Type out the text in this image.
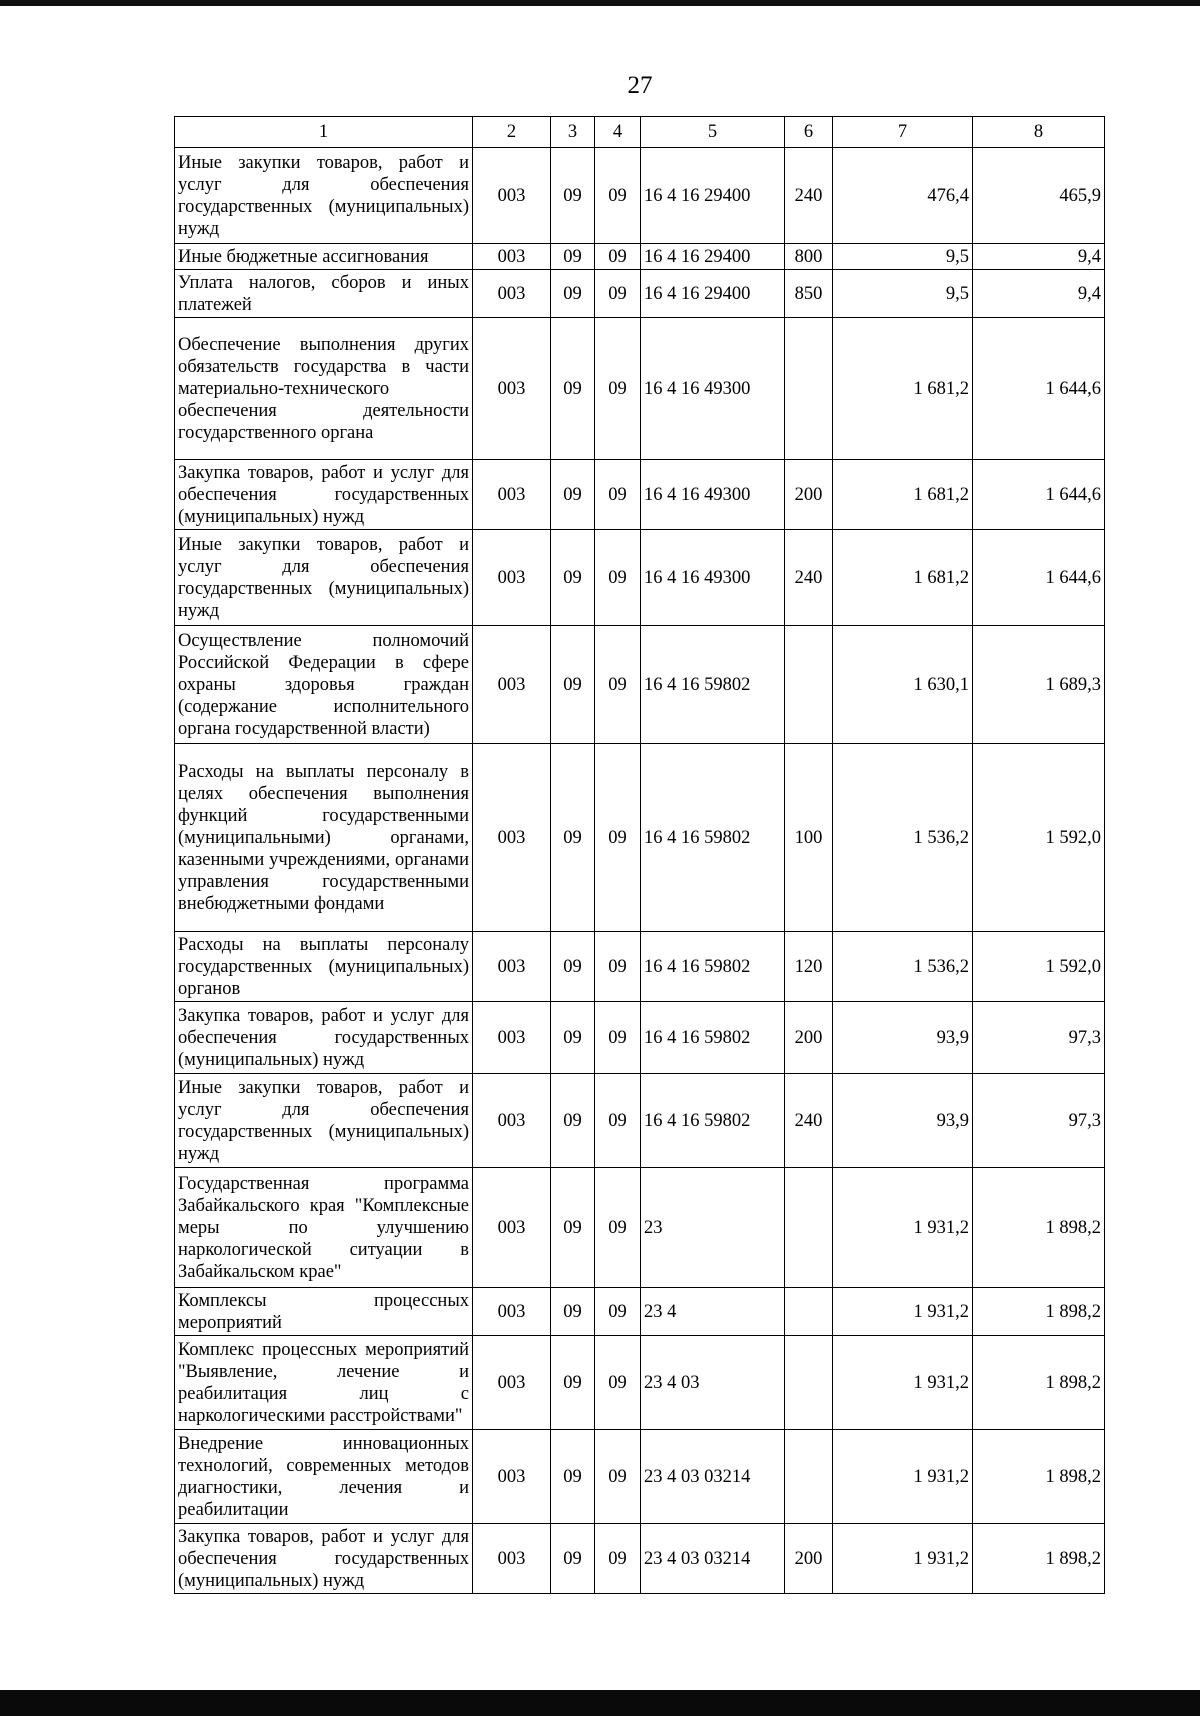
27
1	2	3	4	5	6	7	8
Иные закупки товаров, работ и услуг для обеспечения государственных (муниципальных) нужд	003	09	09	16 4 16 29400	240	476,4	465,9
Иные бюджетные ассигнования	003	09	09	16 4 16 29400	800	9,5	9,4
Уплата налогов, сборов и иных платежей	003	09	09	16 4 16 29400	850	9,5	9,4
Обеспечение выполнения других обязательств государства в части материально-технического обеспечения деятельности государственного органа	003	09	09	16 4 16 49300		1 681,2	1 644,6
Закупка товаров, работ и услуг для обеспечения государственных (муниципальных) нужд	003	09	09	16 4 16 49300	200	1 681,2	1 644,6
Иные закупки товаров, работ и услуг для обеспечения государственных (муниципальных) нужд	003	09	09	16 4 16 49300	240	1 681,2	1 644,6
Осуществление полномочий Российской Федерации в сфере охраны здоровья граждан (содержание исполнительного органа государственной власти)	003	09	09	16 4 16 59802		1 630,1	1 689,3
Расходы на выплаты персоналу в целях обеспечения выполнения функций государственными (муниципальными) органами, казенными учреждениями, органами управления государственными внебюджетными фондами	003	09	09	16 4 16 59802	100	1 536,2	1 592,0
Расходы на выплаты персоналу государственных (муниципальных) органов	003	09	09	16 4 16 59802	120	1 536,2	1 592,0
Закупка товаров, работ и услуг для обеспечения государственных (муниципальных) нужд	003	09	09	16 4 16 59802	200	93,9	97,3
Иные закупки товаров, работ и услуг для обеспечения государственных (муниципальных) нужд	003	09	09	16 4 16 59802	240	93,9	97,3
Государственная программа Забайкальского края "Комплексные меры по улучшению наркологической ситуации в Забайкальском крае"	003	09	09	23		1 931,2	1 898,2
Комплексы процессных мероприятий	003	09	09	23 4		1 931,2	1 898,2
Комплекс процессных мероприятий "Выявление, лечение и реабилитация лиц с наркологическими расстройствами"	003	09	09	23 4 03		1 931,2	1 898,2
Внедрение инновационных технологий, современных методов диагностики, лечения и реабилитации	003	09	09	23 4 03 03214		1 931,2	1 898,2
Закупка товаров, работ и услуг для обеспечения государственных (муниципальных) нужд	003	09	09	23 4 03 03214	200	1 931,2	1 898,2
